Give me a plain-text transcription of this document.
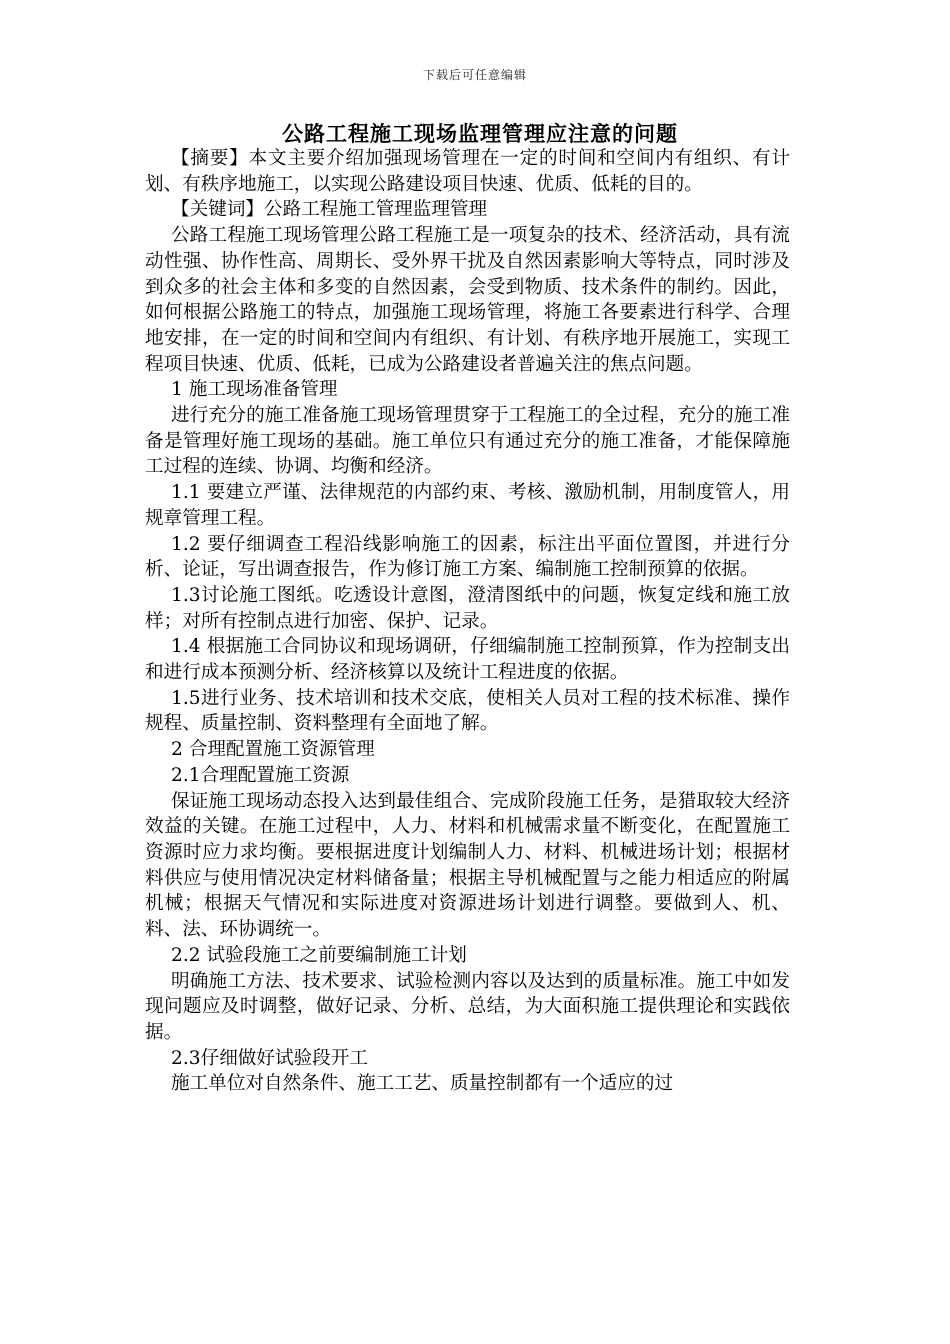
下载后可任意编辑
公路工程施工现场监理管理应注意的问题

【摘要】本文主要介绍加强现场管理在一定的时间和空间内有组织、有计划、有秩序地施工，以实现公路建设项目快速、优质、低耗的目的。

【关键词】公路工程施工管理监理管理

公路工程施工现场管理公路工程施工是一项复杂的技术、经济活动，具有流动性强、协作性高、周期长、受外界干扰及自然因素影响大等特点，同时涉及到众多的社会主体和多变的自然因素，会受到物质、技术条件的制约。因此，如何根据公路施工的特点，加强施工现场管理，将施工各要素进行科学、合理地安排，在一定的时间和空间内有组织、有计划、有秩序地开展施工，实现工程项目快速、优质、低耗，已成为公路建设者普遍关注的焦点问题。

1 施工现场准备管理

进行充分的施工准备施工现场管理贯穿于工程施工的全过程，充分的施工准备是管理好施工现场的基础。施工单位只有通过充分的施工准备，才能保障施工过程的连续、协调、均衡和经济。

1.1 要建立严谨、法律规范的内部约束、考核、激励机制，用制度管人，用规章管理工程。

1.2 要仔细调查工程沿线影响施工的因素，标注出平面位置图，并进行分析、论证，写出调查报告，作为修订施工方案、编制施工控制预算的依据。

1.3讨论施工图纸。吃透设计意图，澄清图纸中的问题，恢复定线和施工放样；对所有控制点进行加密、保护、记录。

1.4 根据施工合同协议和现场调研，仔细编制施工控制预算，作为控制支出和进行成本预测分析、经济核算以及统计工程进度的依据。

1.5进行业务、技术培训和技术交底，使相关人员对工程的技术标准、操作规程、质量控制、资料整理有全面地了解。

2 合理配置施工资源管理

2.1合理配置施工资源

保证施工现场动态投入达到最佳组合、完成阶段施工任务，是猎取较大经济效益的关键。在施工过程中，人力、材料和机械需求量不断变化，在配置施工资源时应力求均衡。要根据进度计划编制人力、材料、机械进场计划；根据材料供应与使用情况决定材料储备量；根据主导机械配置与之能力相适应的附属机械；根据天气情况和实际进度对资源进场计划进行调整。要做到人、机、料、法、环协调统一。

2.2 试验段施工之前要编制施工计划

明确施工方法、技术要求、试验检测内容以及达到的质量标准。施工中如发现问题应及时调整，做好记录、分析、总结，为大面积施工提供理论和实践依据。

2.3仔细做好试验段开工

施工单位对自然条件、施工工艺、质量控制都有一个适应的过
